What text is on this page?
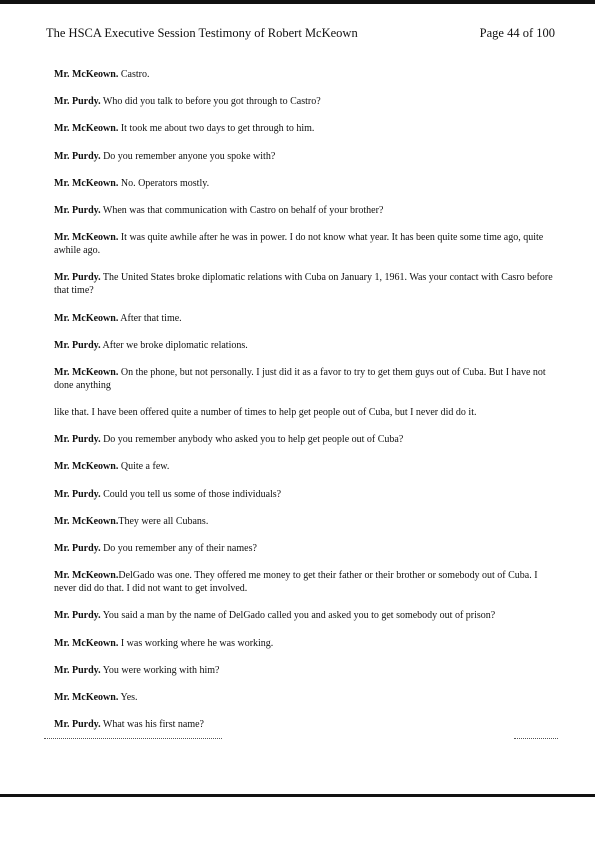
The HSCA Executive Session Testimony of Robert McKeown	Page 44 of 100

Mr. McKeown. Castro.

Mr. Purdy. Who did you talk to before you got through to Castro?

Mr. McKeown. It took me about two days to get through to him.

Mr. Purdy. Do you remember anyone you spoke with?

Mr. McKeown. No. Operators mostly.

Mr. Purdy. When was that communication with Castro on behalf of your brother?

Mr. McKeown. It was quite awhile after he was in power. I do not know what year. It has been quite some time ago, quite awhile ago.

Mr. Purdy. The United States broke diplomatic relations with Cuba on January 1, 1961. Was your contact with Casro before that time?

Mr. McKeown. After that time.

Mr. Purdy. After we broke diplomatic relations.

Mr. McKeown. On the phone, but not personally. I just did it as a favor to try to get them guys out of Cuba. But I have not done anything

like that. I have been offered quite a number of times to help get people out of Cuba, but I never did do it.

Mr. Purdy. Do you remember anybody who asked you to help get people out of Cuba?

Mr. McKeown. Quite a few.

Mr. Purdy. Could you tell us some of those individuals?

Mr. McKeown.They were all Cubans.

Mr. Purdy. Do you remember any of their names?

Mr. McKeown.DelGado was one. They offered me money to get their father or their brother or somebody out of Cuba. I never did do that. I did not want to get involved.

Mr. Purdy. You said a man by the name of DelGado called you and asked you to get somebody out of prison?

Mr. McKeown. I was working where he was working.

Mr. Purdy. You were working with him?

Mr. McKeown. Yes.

Mr. Purdy. What was his first name?
